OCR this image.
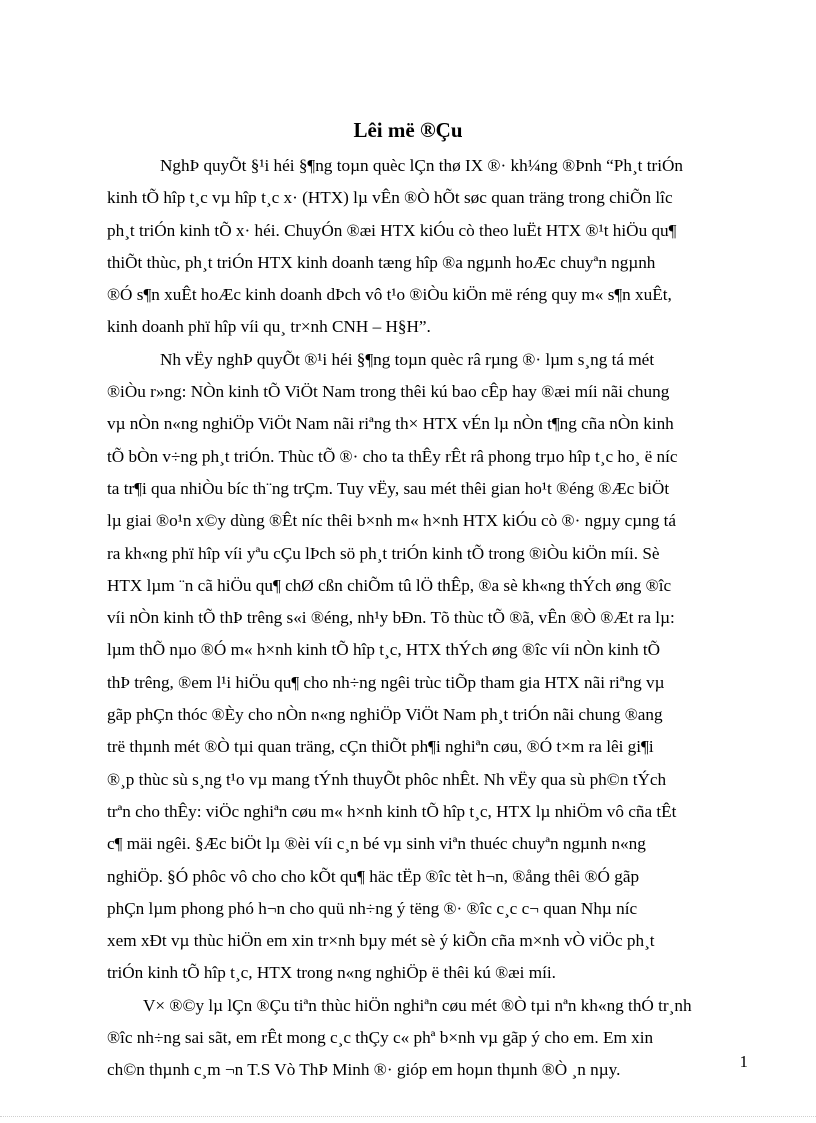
Lêi më ®Çu
NghÞ quyÕt §¹i héi §¶ng toµn quèc lÇn thø IX ®· kh¼ng ®Þnh “Ph¸t triÓn
kinh tÕ hîp t¸c vµ hîp t¸c x· (HTX) lµ vÊn ®Ò hÕt søc quan träng trong chiÕn lîc
ph¸t triÓn kinh tÕ x· héi. ChuyÓn ®æi HTX kiÓu cò theo luËt HTX ®¹t hiÖu qu¶
thiÕt thùc, ph¸t triÓn HTX kinh doanh tæng hîp ®a ngµnh hoÆc chuyªn ngµnh
®Ó s¶n xuÊt hoÆc kinh doanh dÞch vô t¹o ®iÒu kiÖn më réng quy m« s¶n xuÊt,
kinh doanh phï hîp víi qu¸ tr×nh CNH – H§H”.
Nh vËy nghÞ quyÕt ®¹i héi §¶ng toµn quèc râ rµng ®· lµm s¸ng tá mét
®iÒu r»ng: NÒn kinh tÕ ViÖt Nam trong thêi kú bao cÊp hay ®æi míi nãi chung
vµ nÒn n«ng nghiÖp ViÖt Nam nãi riªng th× HTX vÉn lµ nÒn t¶ng cña nÒn kinh
tÕ bÒn v÷ng ph¸t triÓn. Thùc tÕ ®· cho ta thÊy rÊt râ phong trµo hîp t¸c ho¸ ë níc
ta tr¶i qua nhiÒu bíc th¨ng trÇm. Tuy vËy, sau mét thêi gian ho¹t ®éng ®Æc biÖt
lµ giai ®o¹n x©y dùng ®Êt níc thêi b×nh m« h×nh HTX kiÓu cò ®· ngµy cµng tá
ra kh«ng phï hîp víi yªu cÇu lÞch sö ph¸t triÓn kinh tÕ trong ®iÒu kiÖn míi. Sè
HTX lµm ¨n cã hiÖu qu¶ chØ cßn chiÕm tû lÖ thÊp, ®a sè kh«ng thÝch øng ®îc
víi nÒn kinh tÕ thÞ trêng s«i ®éng, nh¹y bÐn. Tõ thùc tÕ ®ã, vÊn ®Ò ®Æt ra lµ:
lµm thÕ nµo ®Ó m« h×nh kinh tÕ hîp t¸c, HTX thÝch øng ®îc víi nÒn kinh tÕ
thÞ trêng, ®em l¹i hiÖu qu¶ cho nh÷ng ngêi trùc tiÕp tham gia HTX nãi riªng vµ
gãp phÇn thóc ®Èy cho nÒn n«ng nghiÖp ViÖt Nam ph¸t triÓn nãi chung ®ang
trë thµnh mét ®Ò tµi quan träng, cÇn thiÕt ph¶i nghiªn cøu, ®Ó t×m ra lêi gi¶i
®¸p thùc sù s¸ng t¹o vµ mang tÝnh thuyÕt phôc nhÊt. Nh vËy qua sù ph©n tÝch
trªn cho thÊy: viÖc nghiªn cøu m« h×nh kinh tÕ hîp t¸c, HTX lµ nhiÖm vô cña tÊt
c¶ mäi ngêi. §Æc biÖt lµ ®èi víi c¸n bé vµ sinh viªn thuéc chuyªn ngµnh n«ng
nghiÖp. §Ó phôc vô cho cho kÕt qu¶ häc tËp ®îc tèt h¬n, ®ång thêi ®Ó gãp
phÇn lµm phong phó h¬n cho quü nh÷ng ý tëng ®· ®îc c¸c c¬ quan Nhµ níc
xem xÐt vµ thùc hiÖn em xin tr×nh bµy mét sè ý kiÕn cña m×nh vÒ viÖc ph¸t
triÓn kinh tÕ hîp t¸c, HTX trong n«ng nghiÖp ë thêi kú ®æi míi.
V× ®©y lµ lÇn ®Çu tiªn thùc hiÖn nghiªn cøu mét ®Ò tµi nªn kh«ng thÓ tr¸nh
®îc nh÷ng sai sãt, em rÊt mong c¸c thÇy c« phª b×nh vµ gãp ý cho em. Em xin
ch©n thµnh c¸m ¬n T.S Vò ThÞ Minh ®· gióp em hoµn thµnh ®Ò ¸n nµy.	1
